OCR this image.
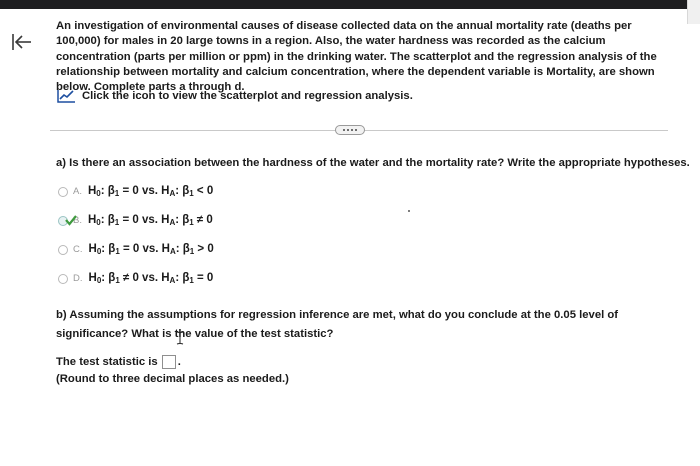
An investigation of environmental causes of disease collected data on the annual mortality rate (deaths per 100,000) for males in 20 large towns in a region. Also, the water hardness was recorded as the calcium concentration (parts per million or ppm) in the drinking water. The scatterplot and the regression analysis of the relationship between mortality and calcium concentration, where the dependent variable is Mortality, are shown below. Complete parts a through d.
Click the icon to view the scatterplot and regression analysis.
a) Is there an association between the hardness of the water and the mortality rate? Write the appropriate hypotheses.
A. $H_0$: $\beta_1 = 0$ vs. $H_A$: $\beta_1 < 0$
B. $H_0$: $\beta_1 = 0$ vs. $H_A$: $\beta_1 \ne 0$
C. $H_0$: $\beta_1 = 0$ vs. $H_A$: $\beta_1 > 0$
D. $H_0$: $\beta_1 \ne 0$ vs. $H_A$: $\beta_1 = 0$
b) Assuming the assumptions for regression inference are met, what do you conclude at the 0.05 level of significance? What is the value of the test statistic?
The test statistic is .
(Round to three decimal places as needed.)
